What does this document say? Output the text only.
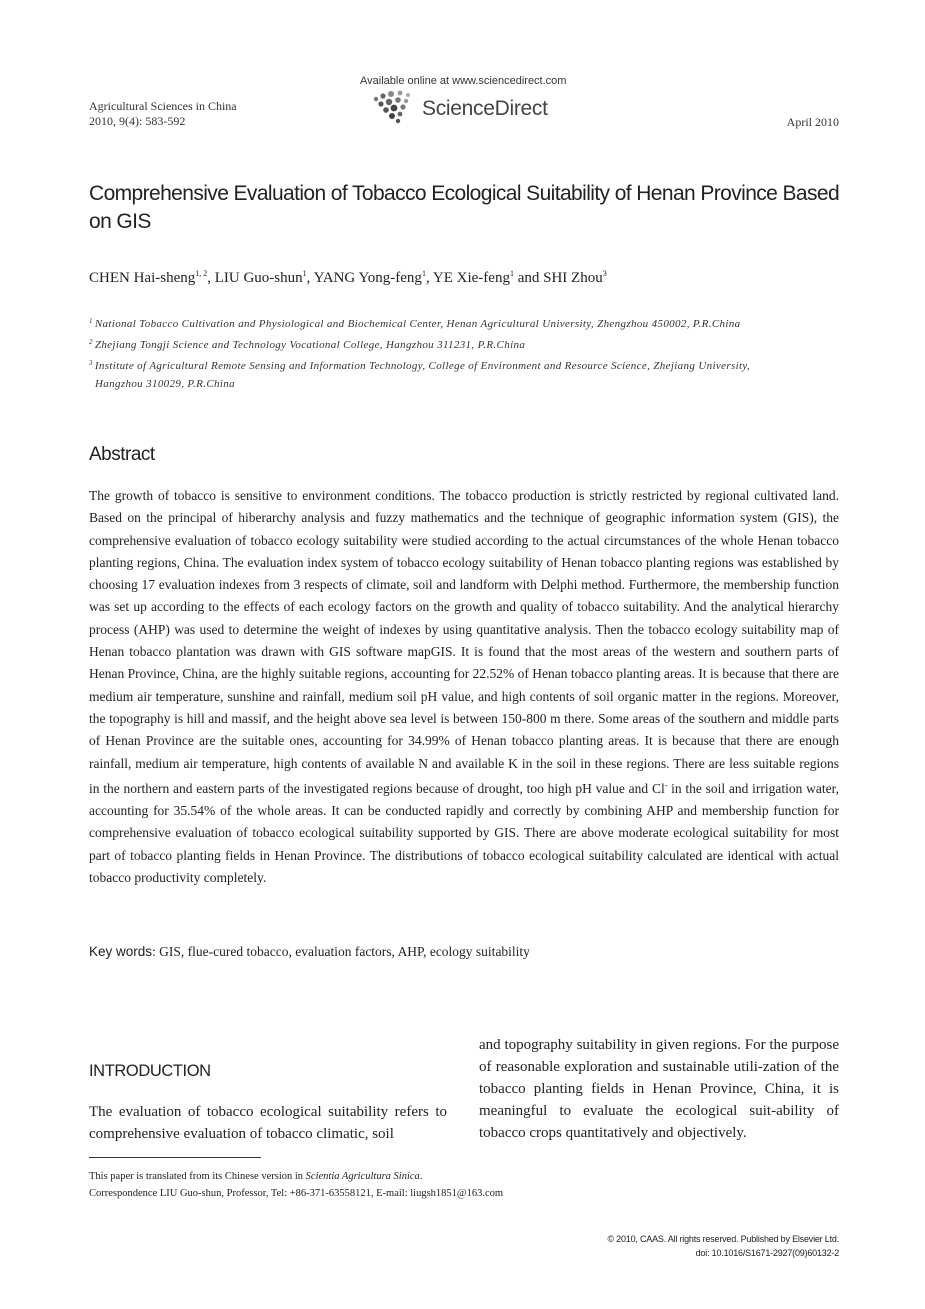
Agricultural Sciences in China
2010, 9(4): 583-592
Available online at www.sciencedirect.com
ScienceDirect
April 2010
Comprehensive Evaluation of Tobacco Ecological Suitability of Henan Province Based on GIS
CHEN Hai-sheng$^{1, 2}$, LIU Guo-shun$^1$, YANG Yong-feng$^1$, YE Xie-feng$^1$ and SHI Zhou$^3$
$^1$ National Tobacco Cultivation and Physiological and Biochemical Center, Henan Agricultural University, Zhengzhou 450002, P.R.China
$^2$ Zhejiang Tongji Science and Technology Vocational College, Hangzhou 311231, P.R.China
$^3$ Institute of Agricultural Remote Sensing and Information Technology, College of Environment and Resource Science, Zhejiang University,
Hangzhou 310029, P.R.China
Abstract

The growth of tobacco is sensitive to environment conditions. The tobacco production is strictly restricted by regional cultivated land. Based on the principal of hiberarchy analysis and fuzzy mathematics and the technique of geographic information system (GIS), the comprehensive evaluation of tobacco ecology suitability were studied according to the actual circumstances of the whole Henan tobacco planting regions, China. The evaluation index system of tobacco ecology suitability of Henan tobacco planting regions was established by choosing 17 evaluation indexes from 3 respects of climate, soil and landform with Delphi method. Furthermore, the membership function was set up according to the effects of each ecology factors on the growth and quality of tobacco suitability. And the analytical hierarchy process (AHP) was used to determine the weight of indexes by using quantitative analysis. Then the tobacco ecology suitability map of Henan tobacco plantation was drawn with GIS software mapGIS. It is found that the most areas of the western and southern parts of Henan Province, China, are the highly suitable regions, accounting for 22.52% of Henan tobacco planting areas. It is because that there are medium air temperature, sunshine and rainfall, medium soil pH value, and high contents of soil organic matter in the regions. Moreover, the topography is hill and massif, and the height above sea level is between 150-800 m there. Some areas of the southern and middle parts of Henan Province are the suitable ones, accounting for 34.99% of Henan tobacco planting areas. It is because that there are enough rainfall, medium air temperature, high contents of available N and available K in the soil in these regions. There are less suitable regions in the northern and eastern parts of the investigated regions because of drought, too high pH value and Cl- in the soil and irrigation water, accounting for 35.54% of the whole areas. It can be conducted rapidly and correctly by combining AHP and membership function for comprehensive evaluation of tobacco ecological suitability supported by GIS. There are above moderate ecological suitability for most part of tobacco planting fields in Henan Province. The distributions of tobacco ecological suitability calculated are identical with actual tobacco productivity completely.

Key words: GIS, flue-cured tobacco, evaluation factors, AHP, ecology suitability
INTRODUCTION

The evaluation of tobacco ecological suitability refers to comprehensive evaluation of tobacco climatic, soil

and topography suitability in given regions. For the purpose of reasonable exploration and sustainable utili-zation of the tobacco planting fields in Henan Province, China, it is meaningful to evaluate the ecological suit-ability of tobacco crops quantitatively and objectively.

This paper is translated from its Chinese version in Scientia Agricultura Sinica.
Correspondence LIU Guo-shun, Professor, Tel: +86-371-63558121, E-mail: liugsh1851@163.com
© 2010, CAAS. All rights reserved. Published by Elsevier Ltd.
doi: 10.1016/S1671-2927(09)60132-2
